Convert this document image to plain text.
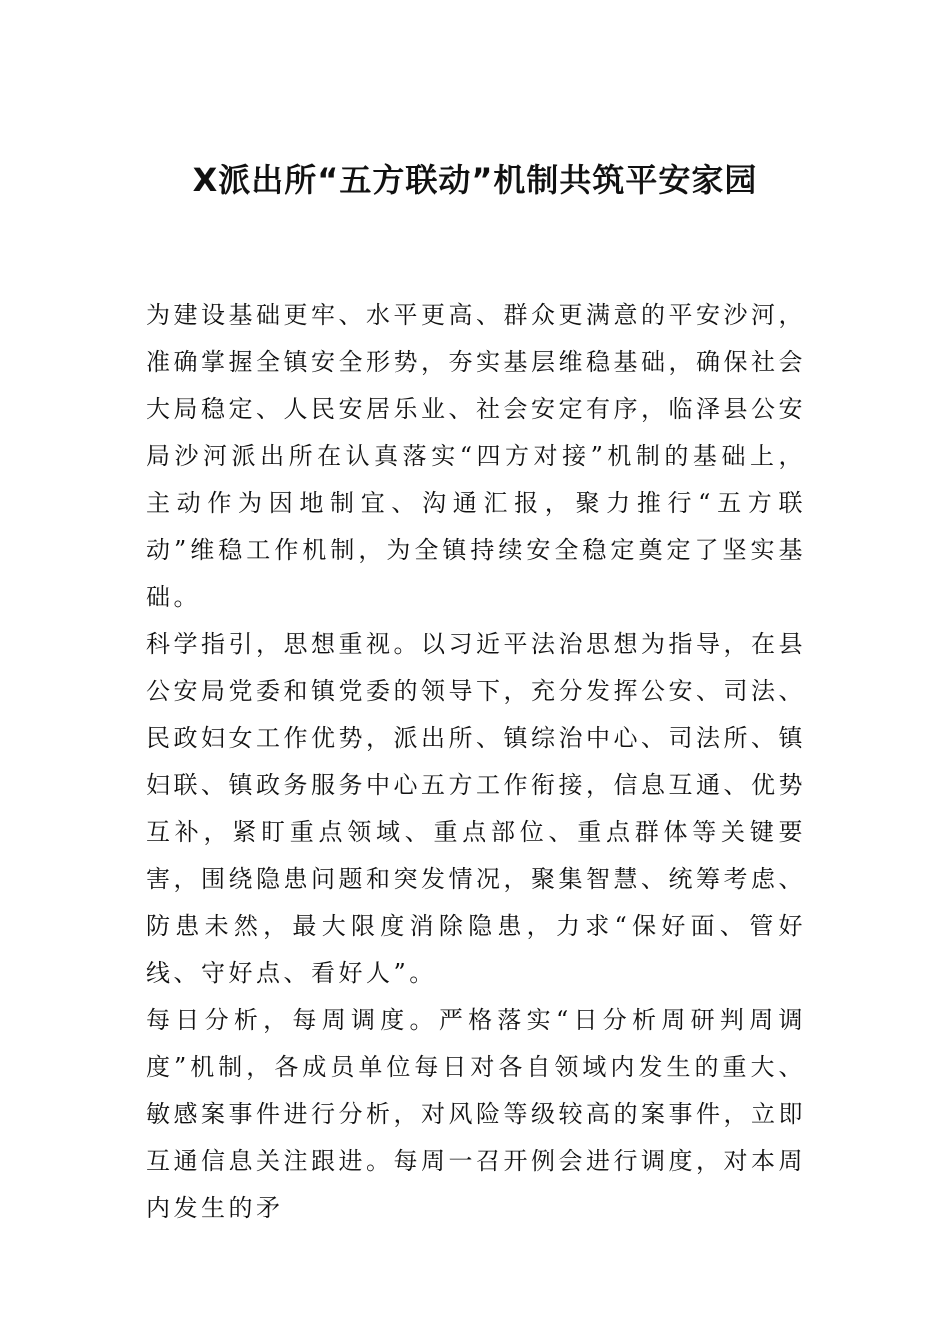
X派出所“五方联动”机制共筑平安家园

为建设基础更牢、水平更高、群众更满意的平安沙河，准确掌握全镇安全形势，夯实基层维稳基础，确保社会大局稳定、人民安居乐业、社会安定有序，临泽县公安局沙河派出所在认真落实“四方对接”机制的基础上，主动作为因地制宜、沟通汇报，聚力推行“五方联动”维稳工作机制，为全镇持续安全稳定奠定了坚实基础。

科学指引，思想重视。以习近平法治思想为指导，在县公安局党委和镇党委的领导下，充分发挥公安、司法、民政妇女工作优势，派出所、镇综治中心、司法所、镇妇联、镇政务服务中心五方工作衔接，信息互通、优势互补，紧盯重点领域、重点部位、重点群体等关键要害，围绕隐患问题和突发情况，聚集智慧、统筹考虑、防患未然，最大限度消除隐患，力求“保好面、管好线、守好点、看好人”。

每日分析，每周调度。严格落实“日分析周研判周调度”机制，各成员单位每日对各自领域内发生的重大、敏感案事件进行分析，对风险等级较高的案事件，立即互通信息关注跟进。每周一召开例会进行调度，对本周内发生的矛
